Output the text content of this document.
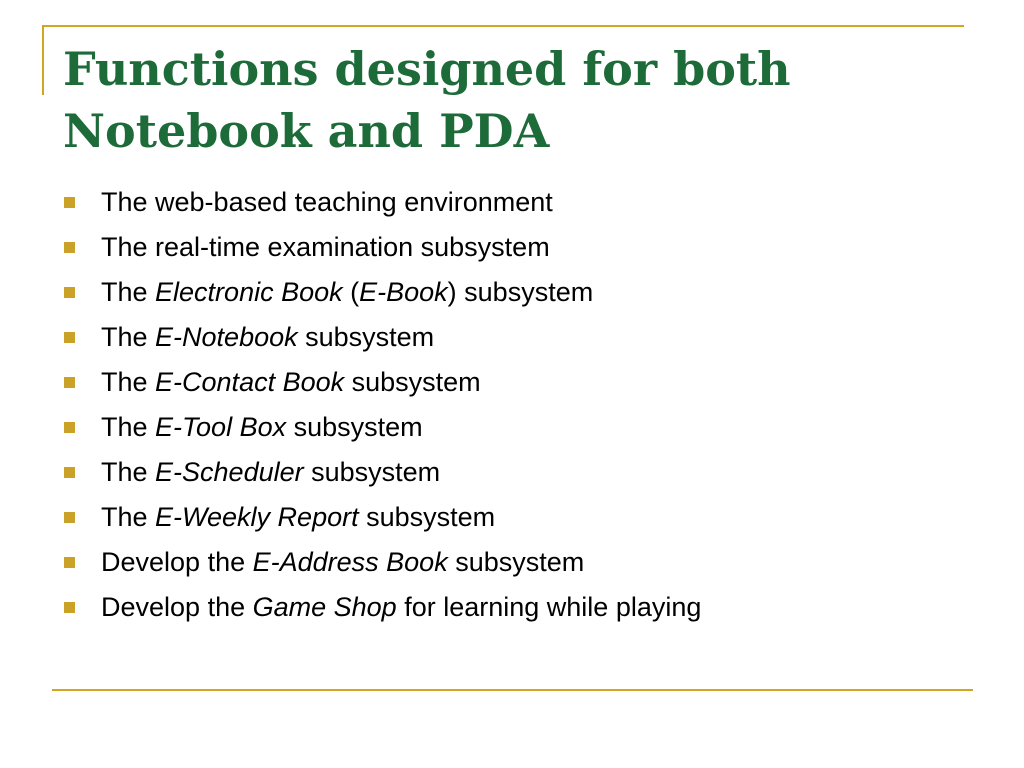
Functions designed for both Notebook and PDA
The web-based teaching environment
The real-time examination subsystem
The Electronic Book (E-Book) subsystem
The E-Notebook subsystem
The E-Contact Book subsystem
The E-Tool Box subsystem
The E-Scheduler subsystem
The E-Weekly Report subsystem
Develop the E-Address Book subsystem
Develop the Game Shop for learning while playing
